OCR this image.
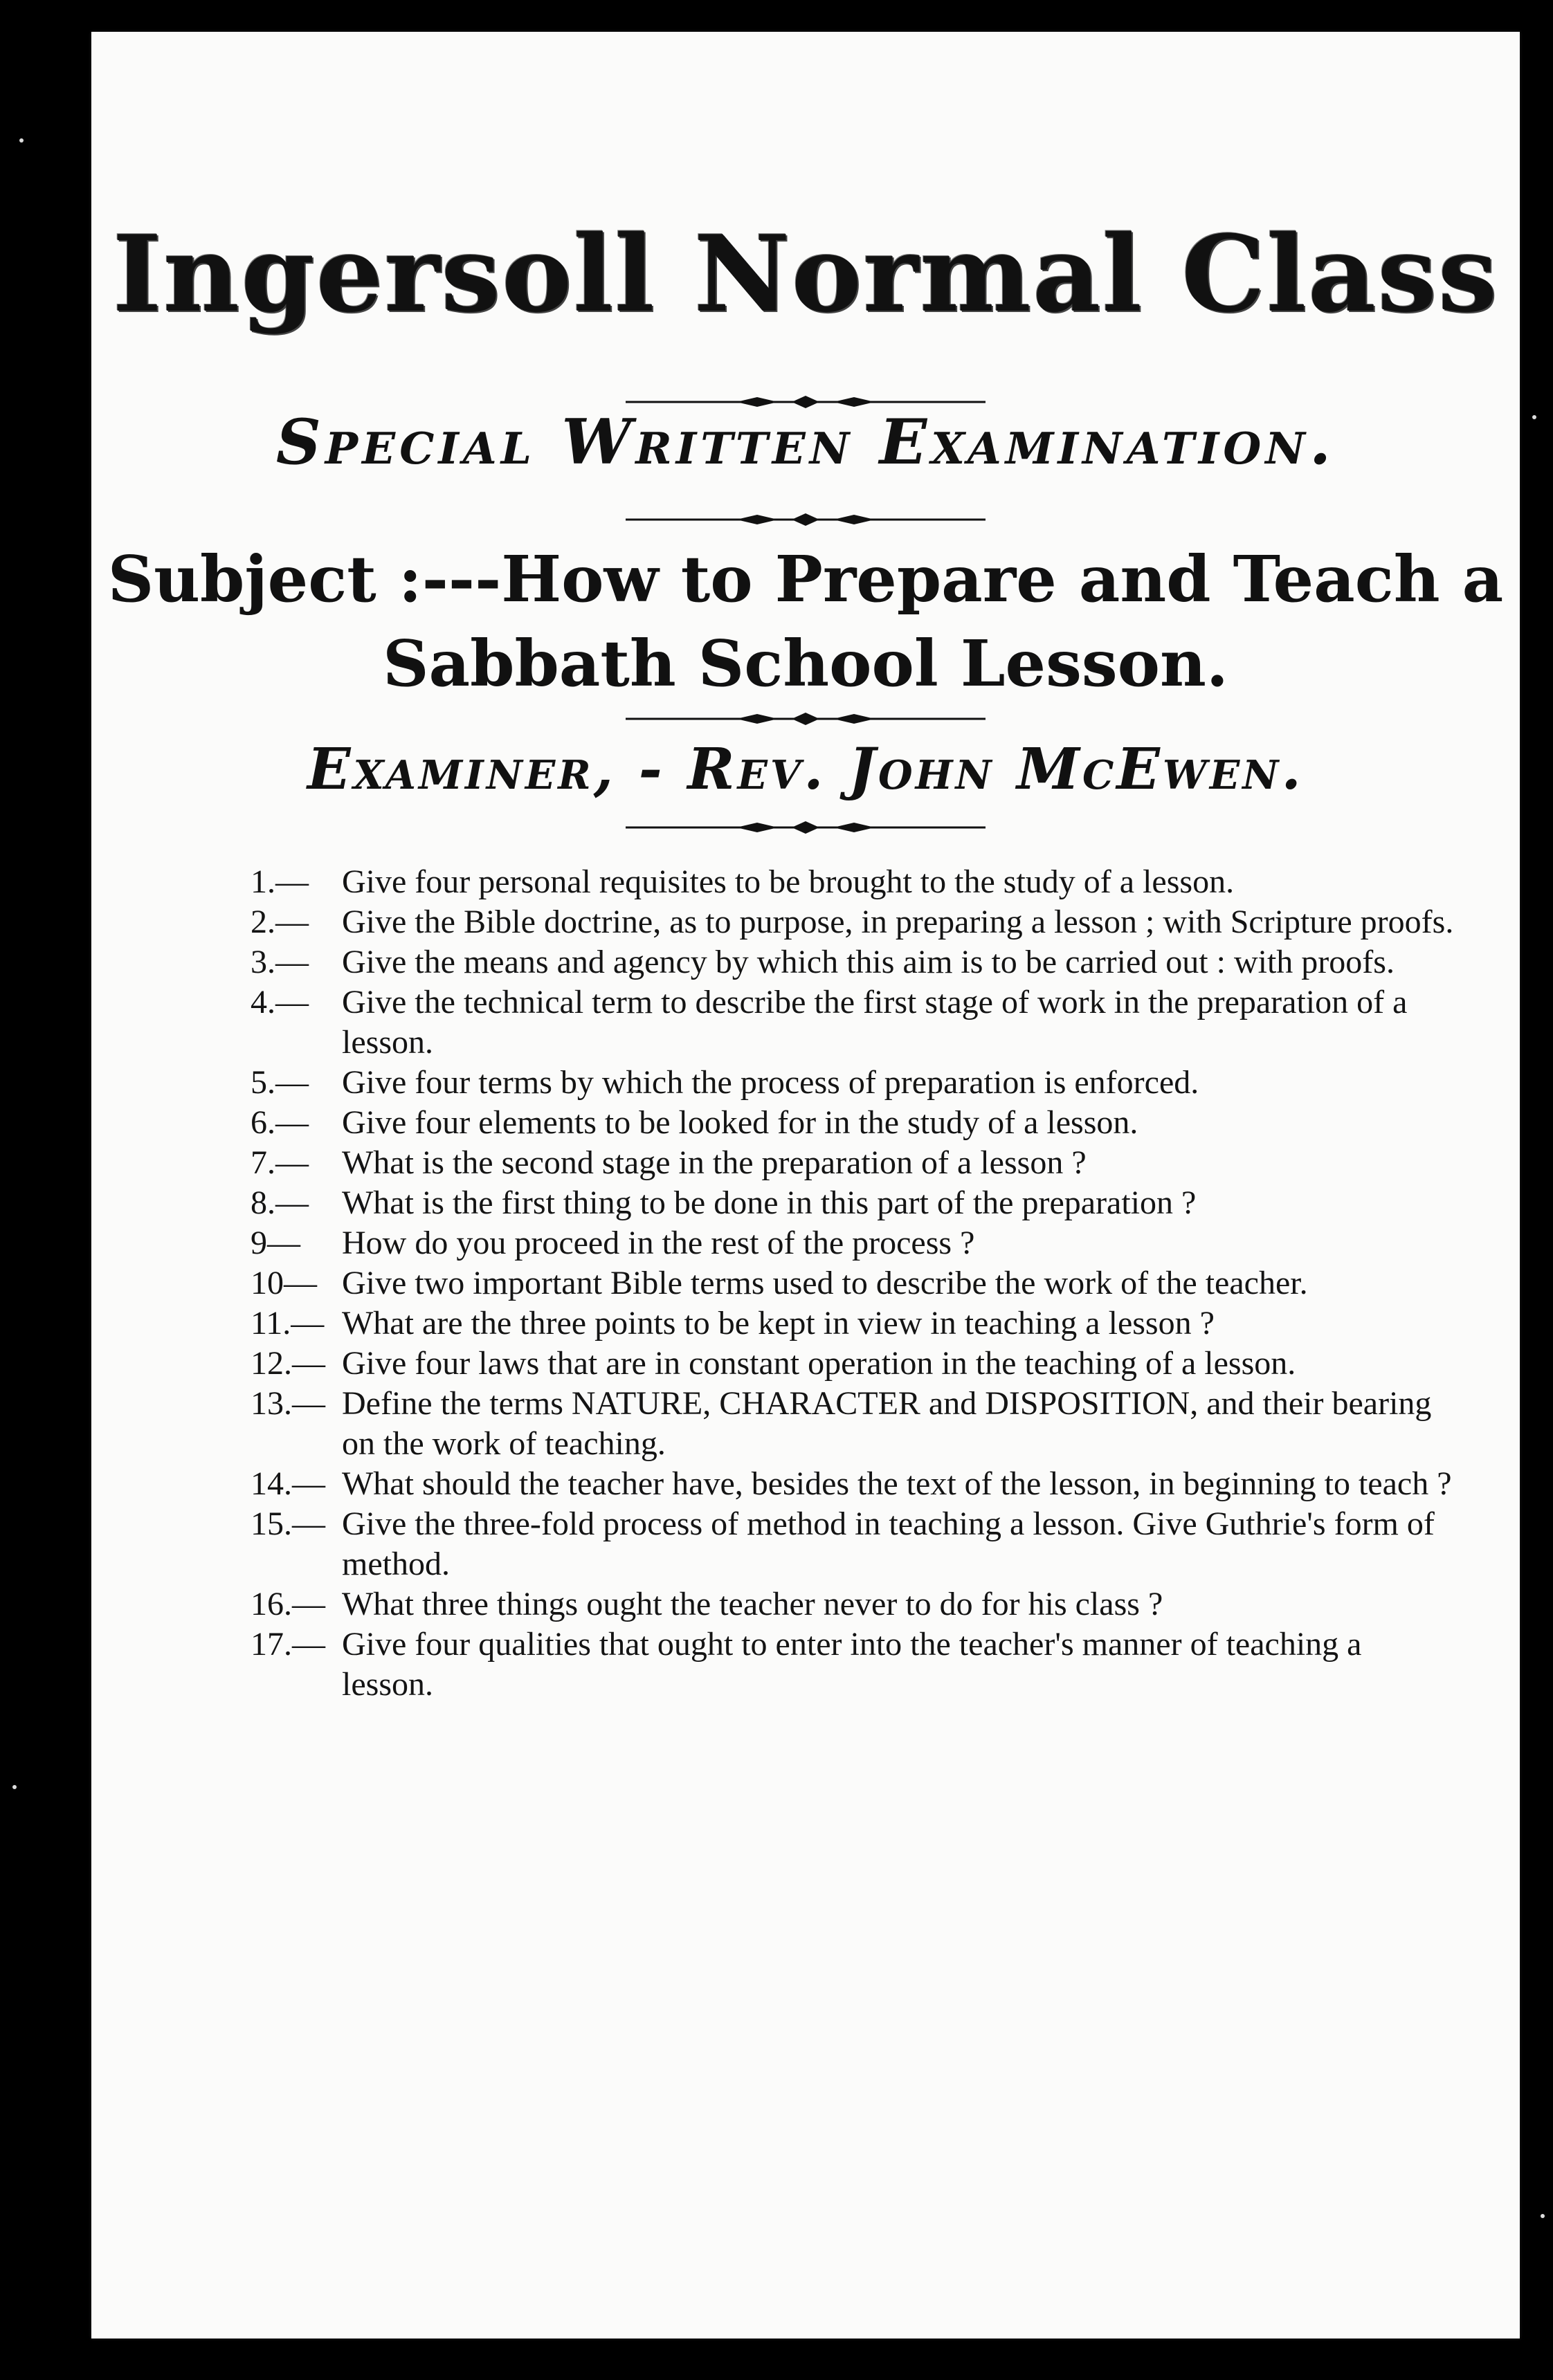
Ingersoll Normal Class
Special Written Examination.
Subject :---How to Prepare and Teach a
Sabbath School Lesson.
Examiner, - Rev. John McEwen.
1.—	Give four personal requisites to be brought to the study of a lesson.
2.—	Give the Bible doctrine, as to purpose, in preparing a lesson ; with Scripture proofs.
3.—	Give the means and agency by which this aim is to be carried out : with proofs.
4.—	Give the technical term to describe the first stage of work in the preparation of a lesson.
5.—	Give four terms by which the process of preparation is enforced.
6.—	Give four elements to be looked for in the study of a lesson.
7.—	What is the second stage in the preparation of a lesson ?
8.—	What is the first thing to be done in this part of the preparation ?
9—	How do you proceed in the rest of the process ?
10— Give two important Bible terms used to describe the work of the teacher.
11.— What are the three points to be kept in view in teaching a lesson ?
12.— Give four laws that are in constant operation in the teaching of a lesson.
13.— Define the terms NATURE, CHARACTER and DISPOSITION, and their bearing on the work of teaching.
14.— What should the teacher have, besides the text of the lesson, in beginning to teach ?
15.— Give the three-fold process of method in teaching a lesson. Give Guthrie's form of method.
16.— What three things ought the teacher never to do for his class ?
17.— Give four qualities that ought to enter into the teacher's manner of teaching a lesson.
